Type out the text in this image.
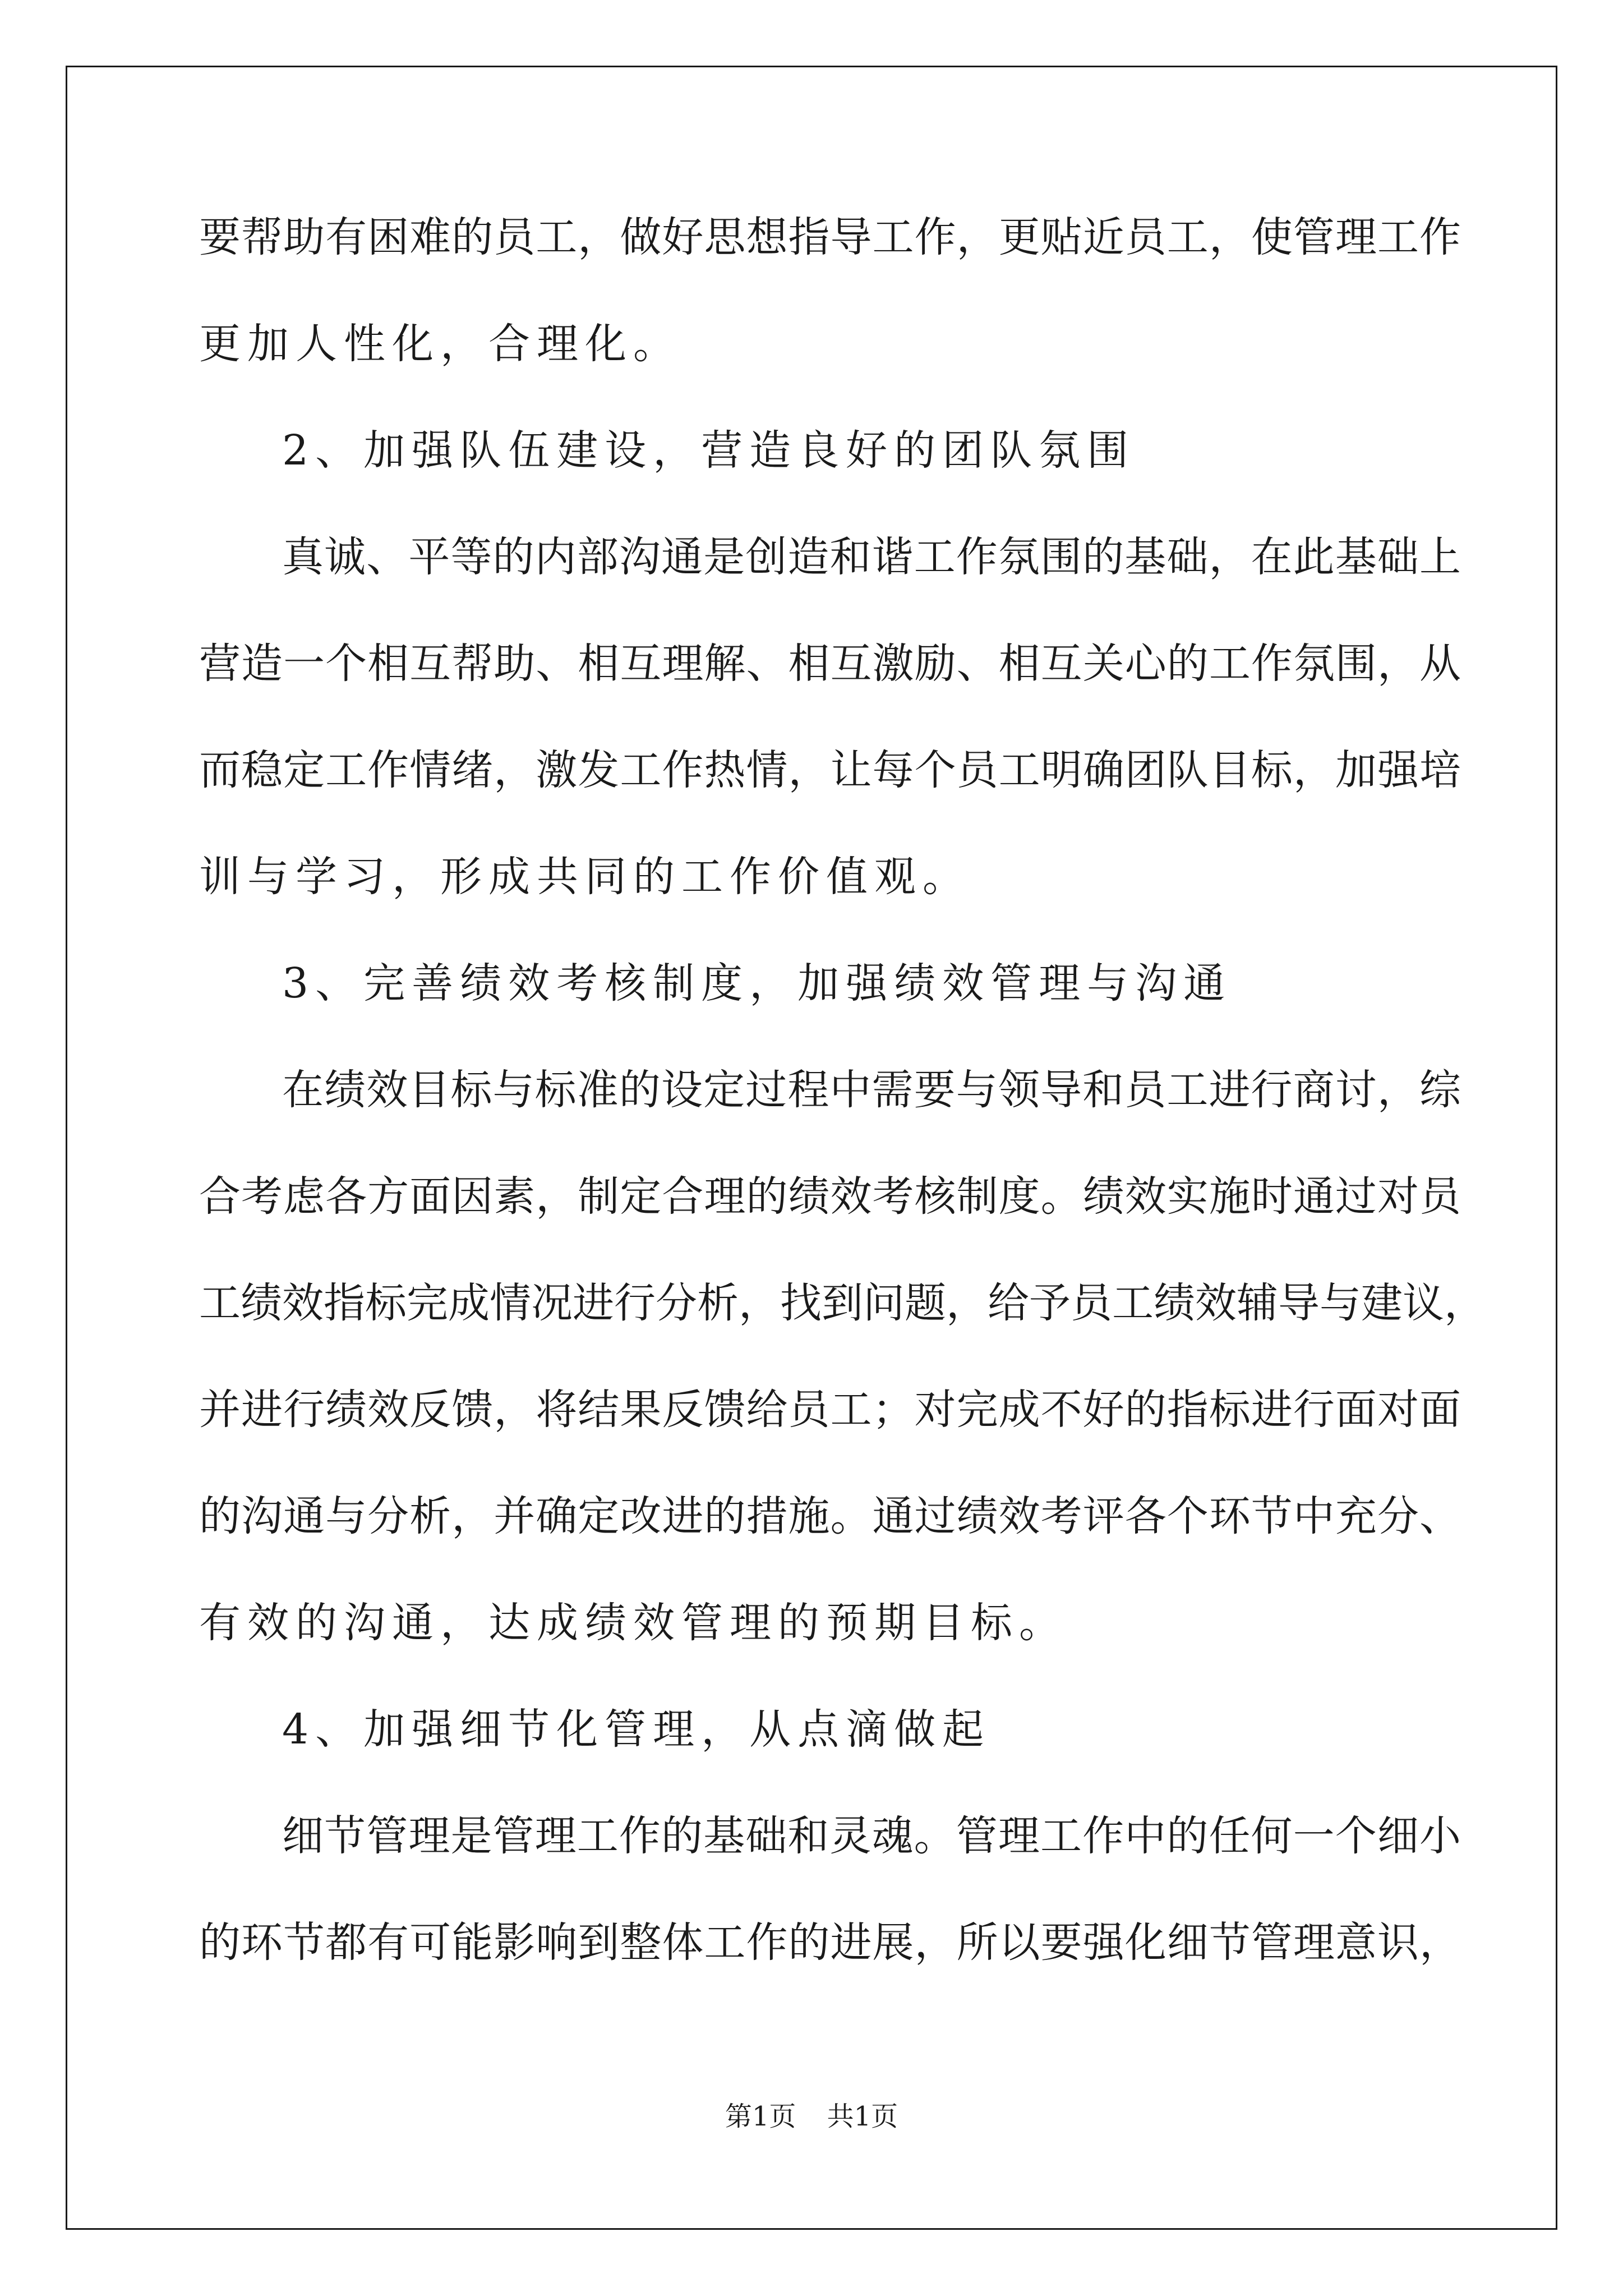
要帮助有困难的员工，做好思想指导工作，更贴近员工，使管理工作
更加人性化，合理化。
2、加强队伍建设，营造良好的团队氛围
真诚、平等的内部沟通是创造和谐工作氛围的基础，在此基础上
营造一个相互帮助、相互理解、相互激励、相互关心的工作氛围，从
而稳定工作情绪，激发工作热情，让每个员工明确团队目标，加强培
训与学习，形成共同的工作价值观。
3、完善绩效考核制度，加强绩效管理与沟通
在绩效目标与标准的设定过程中需要与领导和员工进行商讨，综
合考虑各方面因素，制定合理的绩效考核制度。绩效实施时通过对员
工绩效指标完成情况进行分析，找到问题，给予员工绩效辅导与建议，
并进行绩效反馈，将结果反馈给员工；对完成不好的指标进行面对面
的沟通与分析，并确定改进的措施。通过绩效考评各个环节中充分、
有效的沟通，达成绩效管理的预期目标。
4、加强细节化管理，从点滴做起
细节管理是管理工作的基础和灵魂。管理工作中的任何一个细小
的环节都有可能影响到整体工作的进展，所以要强化细节管理意识，
第1页 共1页
